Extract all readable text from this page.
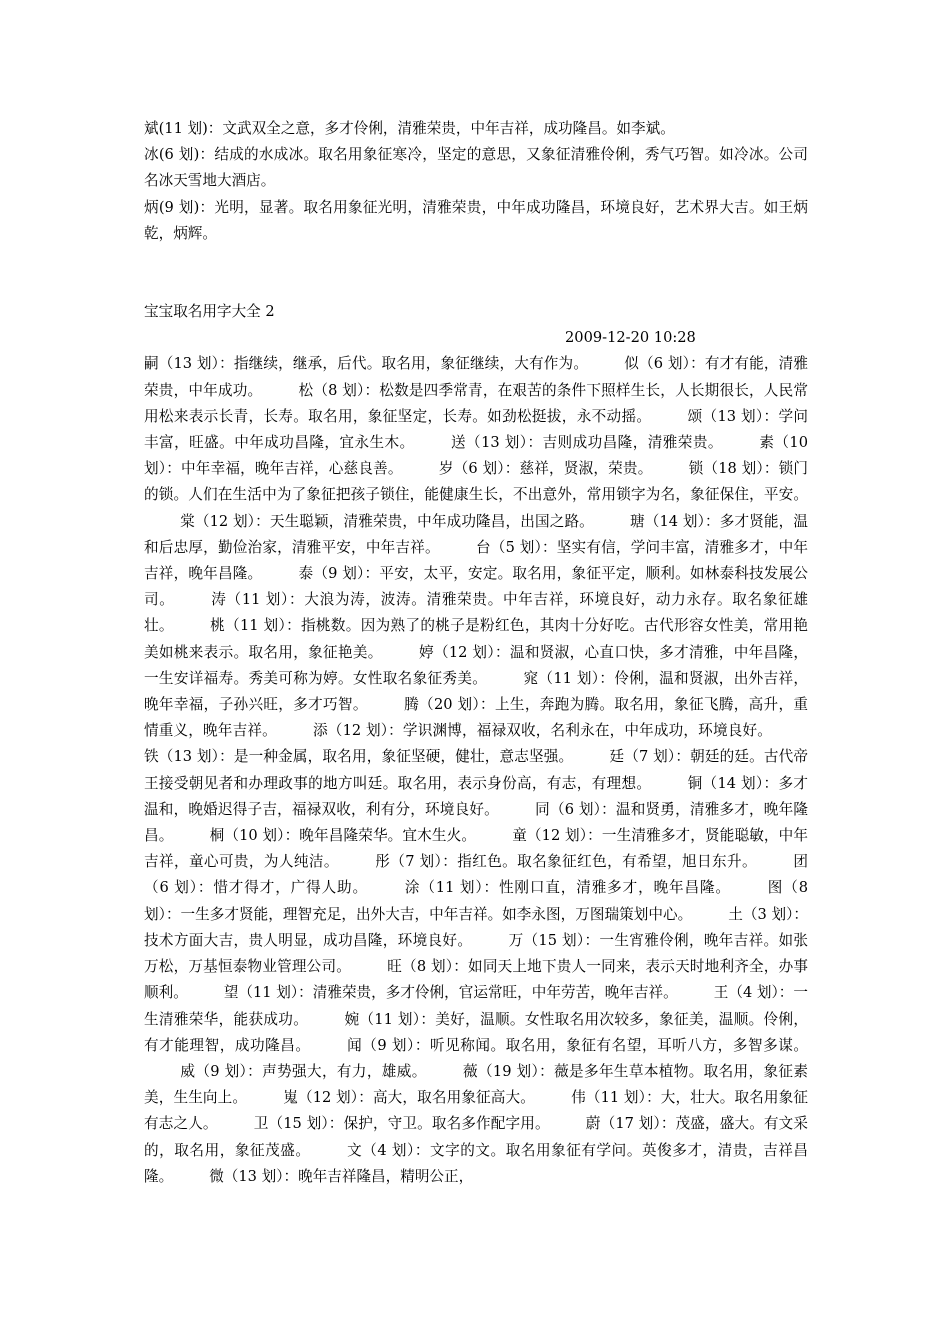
斌(11 划)：文武双全之意，多才伶俐，清雅荣贵，中年吉祥，成功隆昌。如李斌。

冰(6 划)：结成的水成冰。取名用象征寒冷，坚定的意思，又象征清雅伶俐，秀气巧智。如冷冰。公司名冰天雪地大酒店。

炳(9 划)：光明，显著。取名用象征光明，清雅荣贵，中年成功隆昌，环境良好，艺术界大吉。如王炳乾，炳辉。

宝宝取名用字大全 2

2009-12-20 10:28

嗣（13 划）：指继续，继承，后代。取名用，象征继续，大有作为。 似（6 划）：有才有能，清雅荣贵，中年成功。 松（8 划）：松数是四季常青，在艰苦的条件下照样生长，人长期很长，人民常用松来表示长青，长寿。取名用，象征坚定，长寿。如劲松挺拔，永不动摇。 颂（13 划）：学问丰富，旺盛。中年成功昌隆，宜永生木。 送（13 划）：吉则成功昌隆，清雅荣贵。 素（10 划）：中年幸福，晚年吉祥，心慈良善。 岁（6 划）：慈祥，贤淑，荣贵。 锁（18 划）：锁门的锁。人们在生活中为了象征把孩子锁住，能健康生长，不出意外，常用锁字为名，象征保住，平安。棠（12 划）：天生聪颖，清雅荣贵，中年成功隆昌，出国之路。 瑭（14 划）：多才贤能，温和后忠厚，勤俭治家，清雅平安，中年吉祥。 台（5 划）：坚实有信，学问丰富，清雅多才，中年吉祥，晚年昌隆。 泰（9 划）：平安，太平，安定。取名用，象征平定，顺利。如林泰科技发展公司。 涛（11 划）：大浪为涛，波涛。清雅荣贵。中年吉祥，环境良好，动力永存。取名象征雄壮。 桃（11 划）：指桃数。因为熟了的桃子是粉红色，其肉十分好吃。古代形容女性美，常用艳美如桃来表示。取名用，象征艳美。 婷（12 划）：温和贤淑，心直口快，多才清雅，中年昌隆，一生安详福寿。秀美可称为婷。女性取名象征秀美。 窕（11 划）：伶俐，温和贤淑，出外吉祥，晚年幸福，子孙兴旺，多才巧智。 腾（20 划）：上生，奔跑为腾。取名用，象征飞腾，高升，重情重义，晚年吉祥。 添（12 划）：学识渊博，福禄双收，名利永在，中年成功，环境良好。铁（13 划）：是一种金属，取名用，象征坚硬，健壮，意志坚强。 廷（7 划）：朝廷的廷。古代帝王接受朝见者和办理政事的地方叫廷。取名用，表示身份高，有志，有理想。 铜（14 划）：多才温和，晚婚迟得子吉，福禄双收，利有分，环境良好。 同（6 划）：温和贤勇，清雅多才，晚年隆昌。 桐（10 划）：晚年昌隆荣华。宜木生火。 童（12 划）：一生清雅多才，贤能聪敏，中年吉祥，童心可贵，为人纯洁。 彤（7 划）：指红色。取名象征红色，有希望，旭日东升。 团（6 划）：惜才得才，广得人助。 涂（11 划）：性刚口直，清雅多才，晚年昌隆。 图（8 划）：一生多才贤能，理智充足，出外大吉，中年吉祥。如李永图，万图瑞策划中心。 土（3 划）：技术方面大吉，贵人明显，成功昌隆，环境良好。 万（15 划）：一生宵雅伶俐，晚年吉祥。如张万松，万基恒泰物业管理公司。 旺（8 划）：如同天上地下贵人一同来，表示天时地利齐全，办事顺利。 望（11 划）：清雅荣贵，多才伶俐，官运常旺，中年劳苦，晚年吉祥。 王（4 划）：一生清雅荣华，能获成功。 婉（11 划）：美好，温顺。女性取名用次较多，象征美，温顺。伶俐，有才能理智，成功隆昌。 闻（9 划）：听见称闻。取名用，象征有名望，耳听八方，多智多谋。威（9 划）：声势强大，有力，雄威。 薇（19 划）：薇是多年生草本植物。取名用，象征素美，生生向上。 嵬（12 划）：高大，取名用象征高大。 伟（11 划）：大，壮大。取名用象征有志之人。 卫（15 划）：保护，守卫。取名多作配字用。 蔚（17 划）：茂盛，盛大。有文采的，取名用，象征茂盛。 文（4 划）：文字的文。取名用象征有学问。英俊多才，清贵，吉祥昌隆。 微（13 划）：晚年吉祥隆昌，精明公正，
